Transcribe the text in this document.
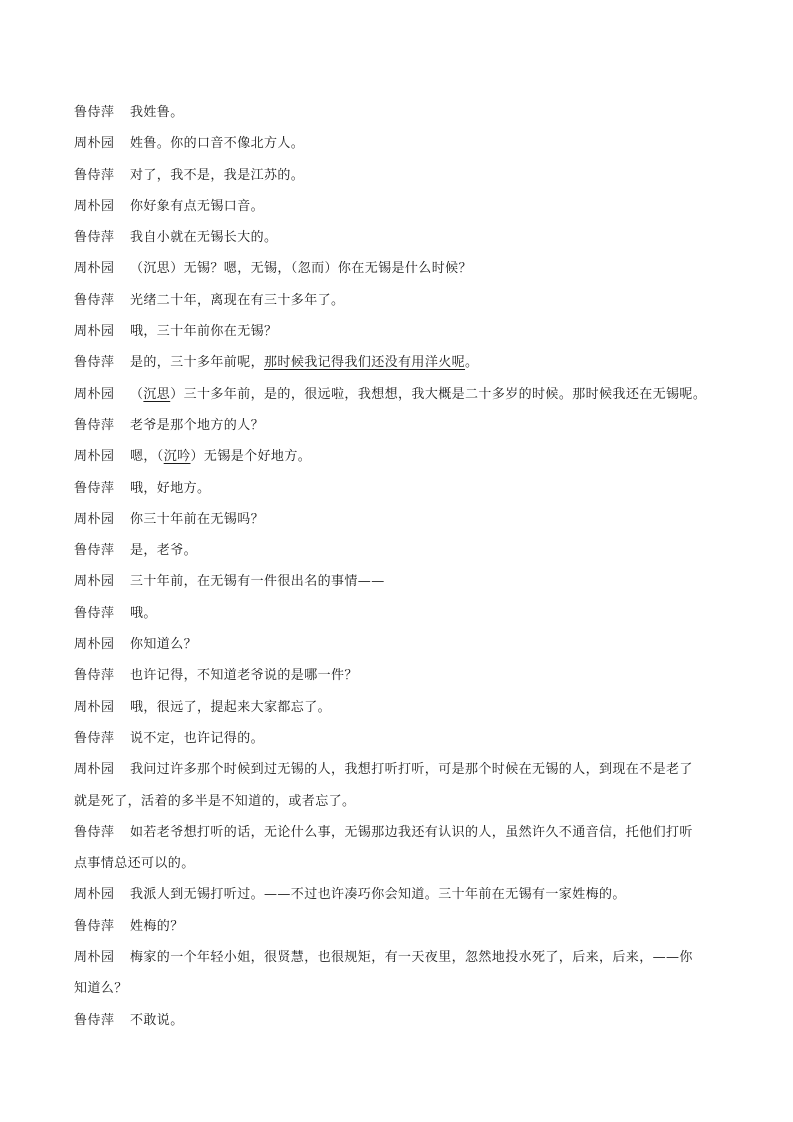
鲁侍萍 我姓鲁。
周朴园 姓鲁。你的口音不像北方人。
鲁侍萍 对了，我不是，我是江苏的。
周朴园 你好象有点无锡口音。
鲁侍萍 我自小就在无锡长大的。
周朴园 （沉思）无锡？嗯，无锡，（忽而）你在无锡是什么时候？
鲁侍萍 光绪二十年，离现在有三十多年了。
周朴园 哦，三十年前你在无锡？
鲁侍萍 是的，三十多年前呢，那时候我记得我们还没有用洋火呢。
周朴园 （沉思）三十多年前，是的，很远啦，我想想，我大概是二十多岁的时候。那时候我还在无锡呢。
鲁侍萍 老爷是那个地方的人？
周朴园 嗯，（沉吟）无锡是个好地方。
鲁侍萍 哦，好地方。
周朴园 你三十年前在无锡吗？
鲁侍萍 是，老爷。
周朴园 三十年前，在无锡有一件很出名的事情——
鲁侍萍 哦。
周朴园 你知道么？
鲁侍萍 也许记得，不知道老爷说的是哪一件？
周朴园 哦，很远了，提起来大家都忘了。
鲁侍萍 说不定，也许记得的。
周朴园 我问过许多那个时候到过无锡的人，我想打听打听，可是那个时候在无锡的人，到现在不是老了
就是死了，活着的多半是不知道的，或者忘了。
鲁侍萍 如若老爷想打听的话，无论什么事，无锡那边我还有认识的人，虽然许久不通音信，托他们打听
点事情总还可以的。
周朴园 我派人到无锡打听过。——不过也许凑巧你会知道。三十年前在无锡有一家姓梅的。
鲁侍萍 姓梅的？
周朴园 梅家的一个年轻小姐，很贤慧，也很规矩，有一天夜里，忽然地投水死了，后来，后来，——你
知道么？
鲁侍萍 不敢说。
